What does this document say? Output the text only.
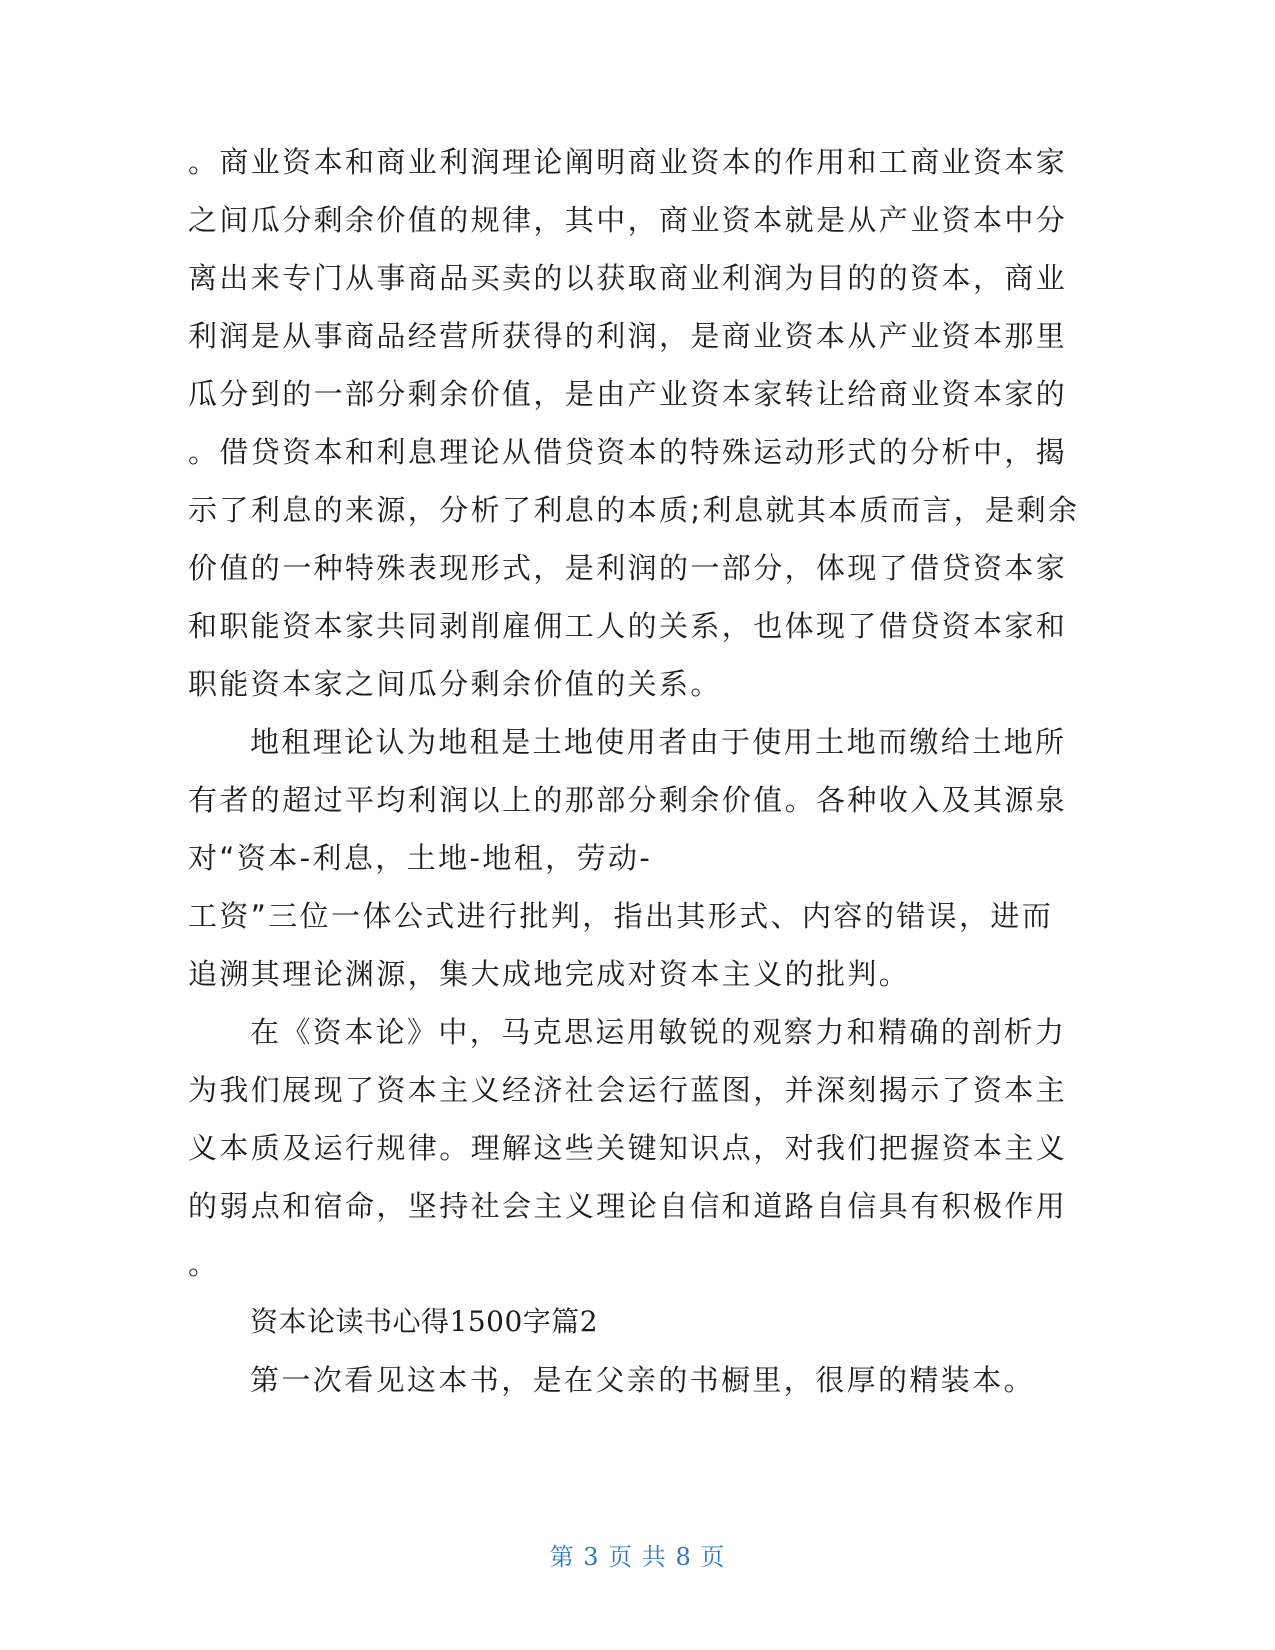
。商业资本和商业利润理论阐明商业资本的作用和工商业资本家
之间瓜分剩余价值的规律，其中，商业资本就是从产业资本中分
离出来专门从事商品买卖的以获取商业利润为目的的资本，商业
利润是从事商品经营所获得的利润，是商业资本从产业资本那里
瓜分到的一部分剩余价值，是由产业资本家转让给商业资本家的
。借贷资本和利息理论从借贷资本的特殊运动形式的分析中，揭
示了利息的来源，分析了利息的本质;利息就其本质而言，是剩余
价值的一种特殊表现形式，是利润的一部分，体现了借贷资本家
和职能资本家共同剥削雇佣工人的关系，也体现了借贷资本家和
职能资本家之间瓜分剩余价值的关系。
地租理论认为地租是土地使用者由于使用土地而缴给土地所
有者的超过平均利润以上的那部分剩余价值。各种收入及其源泉
对“资本-利息，土地-地租，劳动-
工资”三位一体公式进行批判，指出其形式、内容的错误，进而
追溯其理论渊源，集大成地完成对资本主义的批判。
在《资本论》中，马克思运用敏锐的观察力和精确的剖析力
为我们展现了资本主义经济社会运行蓝图，并深刻揭示了资本主
义本质及运行规律。理解这些关键知识点，对我们把握资本主义
的弱点和宿命，坚持社会主义理论自信和道路自信具有积极作用
。
资本论读书心得1500字篇2
第一次看见这本书，是在父亲的书橱里，很厚的精装本。
第 3 页 共 8 页
